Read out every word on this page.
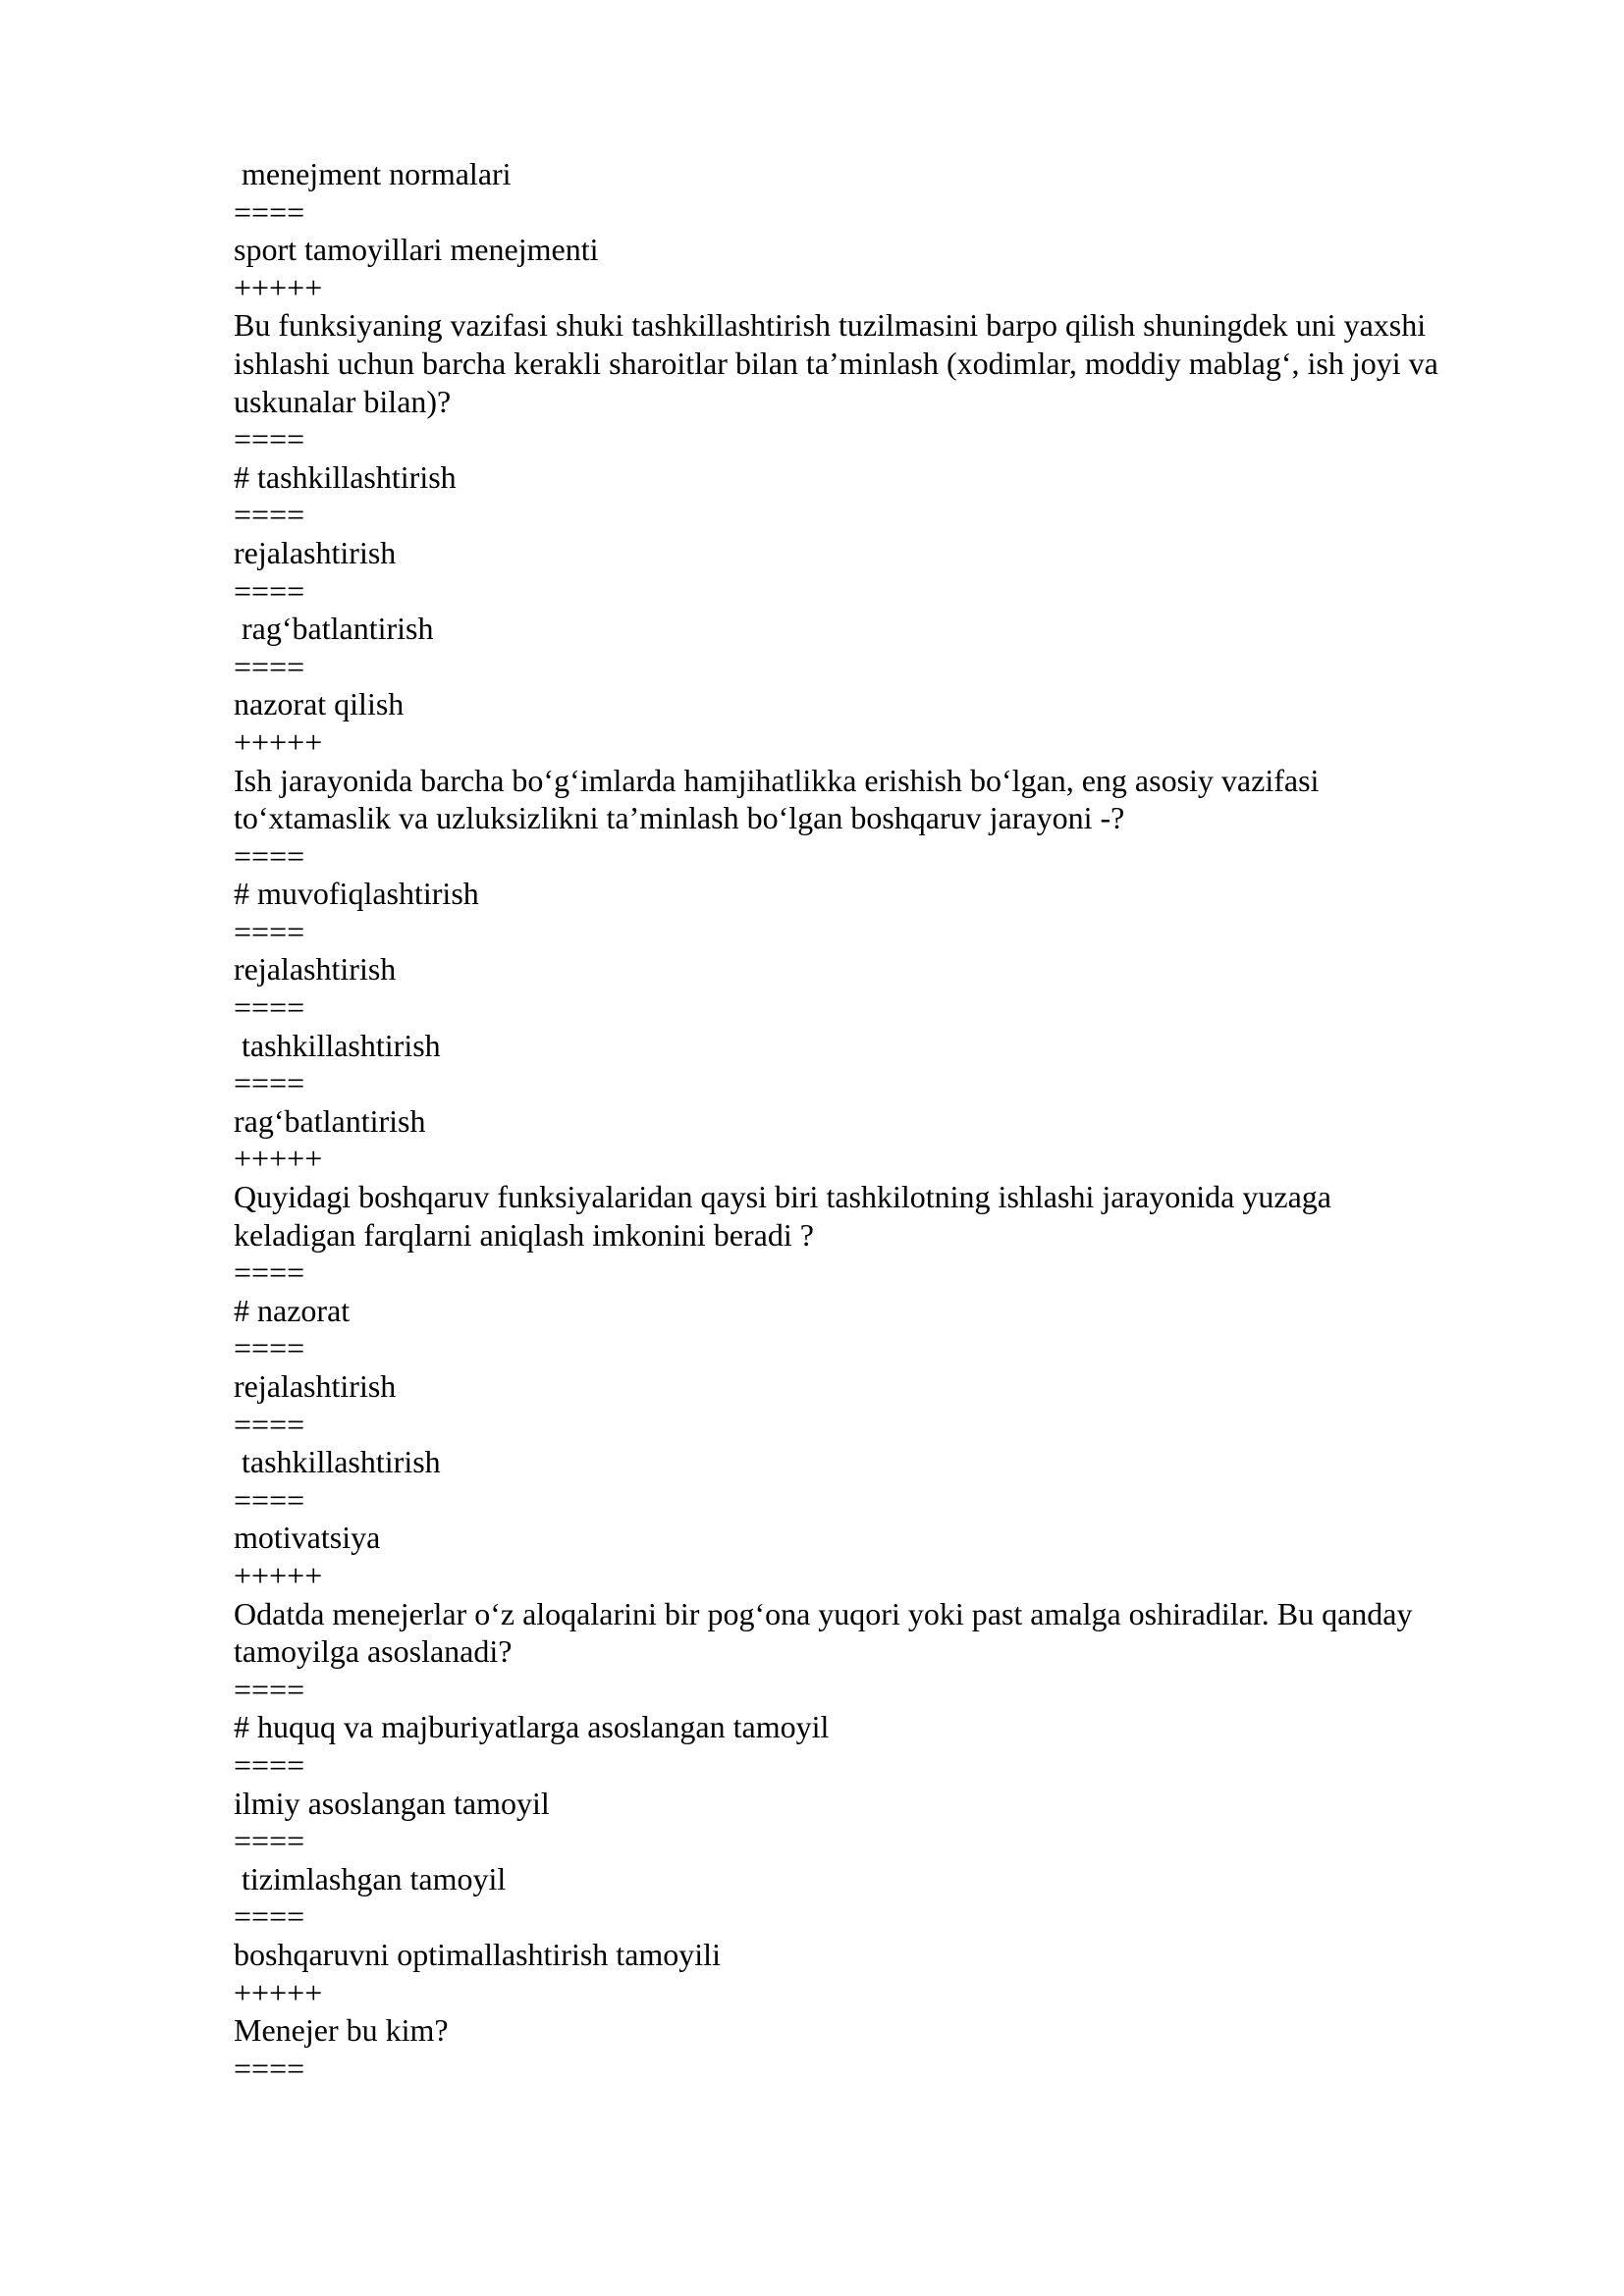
menejment normalari
====
sport tamoyillari menejmenti
+++++
Bu funksiyaning vazifasi shuki tashkillashtirish tuzilmasini barpo qilish shuningdek uni yaxshi
ishlashi uchun barcha kerakli sharoitlar bilan ta’minlash (xodimlar, moddiy mablag‘, ish joyi va
uskunalar bilan)?
====
# tashkillashtirish
====
rejalashtirish
====
rag‘batlantirish
====
nazorat qilish
+++++
Ish jarayonida barcha bo‘g‘imlarda hamjihatlikka erishish bo‘lgan, eng asosiy vazifasi
to‘xtamaslik va uzluksizlikni ta’minlash bo‘lgan boshqaruv jarayoni -?
====
# muvofiqlashtirish
====
rejalashtirish
====
tashkillashtirish
====
rag‘batlantirish
+++++
Quyidagi boshqaruv funksiyalaridan qaysi biri tashkilotning ishlashi jarayonida yuzaga
keladigan farqlarni aniqlash imkonini beradi ?
====
# nazorat
====
rejalashtirish
====
tashkillashtirish
====
motivatsiya
+++++
Odatda menejerlar o‘z aloqalarini bir pog‘ona yuqori yoki past amalga oshiradilar. Bu qanday
tamoyilga asoslanadi?
====
# huquq va majburiyatlarga asoslangan tamoyil
====
ilmiy asoslangan tamoyil
====
tizimlashgan tamoyil
====
boshqaruvni optimallashtirish tamoyili
+++++
Menejer bu kim?
====
